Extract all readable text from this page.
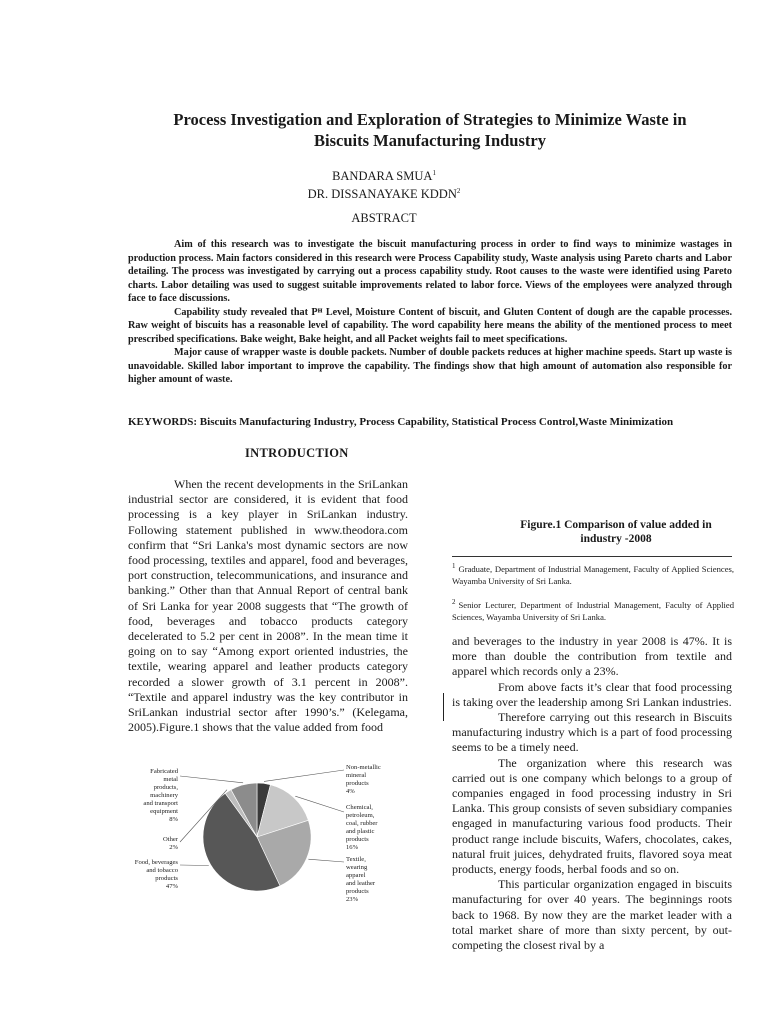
Process Investigation and Exploration of Strategies to Minimize Waste in
Biscuits Manufacturing Industry
BANDARA SMUA$^1$
DR. DISSANAYAKE KDDN$^2$
ABSTRACT

Aim of this research was to investigate the biscuit manufacturing process in order to find ways to minimize wastages in production process. Main factors considered in this research were Process Capability study, Waste analysis using Pareto charts and Labor detailing. The process was investigated by carrying out a process capability study. Root causes to the waste were identified using Pareto charts. Labor detailing was used to suggest suitable improvements related to labor force. Views of the employees were analyzed through face to face discussions.

Capability study revealed that Pᴴ Level, Moisture Content of biscuit, and Gluten Content of dough are the capable processes. Raw weight of biscuits has a reasonable level of capability. The word capability here means the ability of the mentioned process to meet prescribed specifications. Bake weight, Bake height, and all Packet weights fail to meet specifications.

Major cause of wrapper waste is double packets. Number of double packets reduces at higher machine speeds. Start up waste is unavoidable. Skilled labor important to improve the capability. The findings show that high amount of automation also responsible for higher amount of waste.

KEYWORDS: Biscuits Manufacturing Industry, Process Capability, Statistical Process Control,Waste Minimization
INTRODUCTION

When the recent developments in the SriLankan industrial sector are considered, it is evident that food processing is a key player in SriLankan industry. Following statement published in www.theodora.com confirm that “Sri Lanka's most dynamic sectors are now food processing, textiles and apparel, food and beverages, port construction, telecommunications, and insurance and banking.” Other than that Annual Report of central bank of Sri Lanka for year 2008 suggests that “The growth of food, beverages and tobacco products category decelerated to 5.2 per cent in 2008”. In the mean time it going on to say “Among export oriented industries, the textile, wearing apparel and leather products category recorded a slower growth of 3.1 percent in 2008”. “Textile and apparel industry was the key contributor in SriLankan industrial sector after 1990’s.” (Kelegama, 2005).Figure.1 shows that the value added from food

Non-metallic
mineral
products
4%
Chemical,
petroleum,
coal, rubber
and plastic
products
16%
Textile,
wearing
apparel
and leather
products
23%
Food, beverages
and tobacco
products
47%
Other
2%
Fabricated
metal
products,
machinery
and transport
equipment
8%
Figure.1 Comparison of value added in industry -2008
$^1$ Graduate, Department of Industrial Management, Faculty of Applied Sciences, Wayamba University of Sri Lanka.
$^2$ Senior Lecturer, Department of Industrial Management, Faculty of Applied Sciences, Wayamba University of Sri Lanka.

and beverages to the industry in year 2008 is 47%. It is more than double the contribution from textile and apparel which records only a 23%.

From above facts it’s clear that food processing is taking over the leadership among Sri Lankan industries.

Therefore carrying out this research in Biscuits manufacturing industry which is a part of food processing seems to be a timely need.

The organization where this research was carried out is one company which belongs to a group of companies engaged in food processing industry in Sri Lanka. This group consists of seven subsidiary companies engaged in manufacturing various food products. Their product range include biscuits, Wafers, chocolates, cakes, natural fruit juices, dehydrated fruits, flavored soya meat products, energy foods, herbal foods and so on.

This particular organization engaged in biscuits manufacturing for over 40 years. The beginnings roots back to 1968. By now they are the market leader with a total market share of more than sixty percent, by out-competing the closest rival by a
